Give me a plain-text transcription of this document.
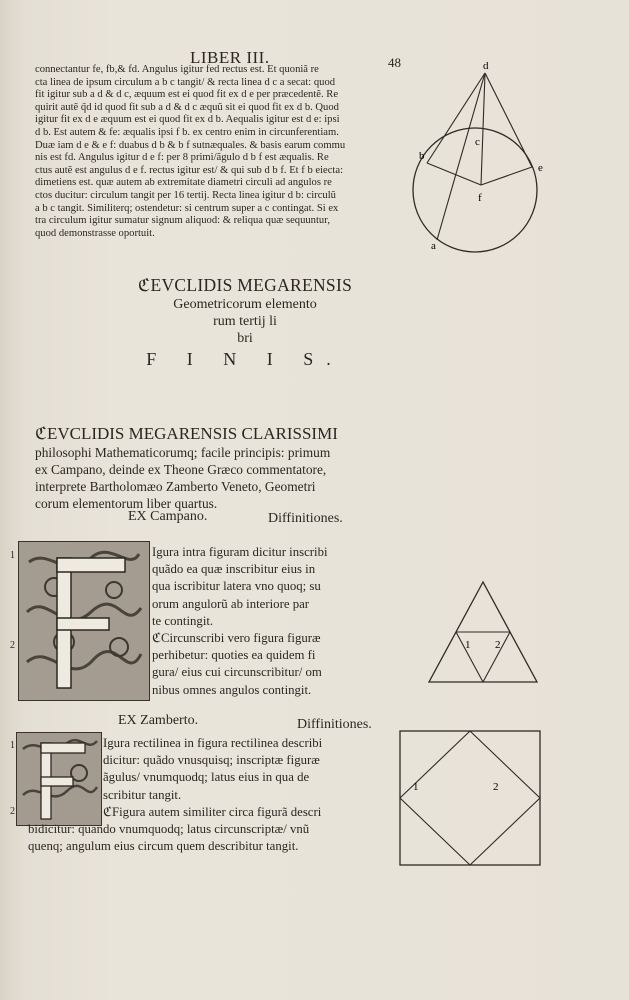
LIBER III.	48
connectantur fe, fb,& fd. Angulus igitur fed rectus est. Et quoniã re
cta linea de ipsum circulum a b c tangit/ & recta linea d c a secat: quod
fit igitur sub a d & d c, æquum est ei quod fit ex d e per præcedentẽ. Re
quirit autẽ q̃d id quod fit sub a d & d c æquũ sit ei quod fit ex d b. Quod
igitur fit ex d e æquum est ei quod fit ex d b. Aequalis igitur est d e: ipsi
d b. Est autem & fe: æqualis ipsi f b. ex centro enim in circunferentiam.
Duæ iam d e & e f: duabus d b & b f sutnæquales. & basis earum commu
nis est fd. Angulus igitur d e f: per 8 primi/ãgulo d b f est æqualis. Re
ctus autẽ est angulus d e f. rectus igitur est/ & qui sub d b f. Et f b eiecta:
dimetiens est. quæ autem ab extremitate diametri circuli ad angulos re
ctos ducitur: circulum tangit per 16 tertij. Recta linea igitur d b: circulũ
a b c tangit. Similiterq; ostendetur: si centrum super a c contingat. Si ex
tra circulum igitur sumatur signum aliquod: & reliqua quæ sequuntur,
quod demonstrasse oportuit.
d
b
c
e
f
a
ℭEVCLIDIS MEGARENSIS
Geometricorum elemento
rum tertij li
bri
F I N I S.
ℭEVCLIDIS MEGARENSIS CLARISSIMI
philosophi Mathematicorumq; facile principis: primum
ex Campano, deinde ex Theone Græco commentatore,
interprete Bartholomæo Zamberto Veneto, Geometri
corum elementorum liber quartus.
EX Campano.	Diffinitiones.
1
2
F
Igura intra figuram dicitur inscribi
quãdo ea quæ inscribitur eius in
qua iscribitur latera vno quoq; su
orum angulorũ ab interiore par
te contingit.
ℭCircunscribi vero figura figuræ
perhibetur: quoties ea quidem fi
gura/ eius cui circunscribitur/ om
nibus omnes angulos contingit.
1 2
EX Zamberto.	Diffinitiones.
1
2
F
Igura rectilinea in figura rectilinea describi
dicitur: quãdo vnusquisq; inscriptæ figuræ
ãgulus/ vnumquodq; latus eius in qua de
scribitur tangit.
ℭFigura autem similiter circa figurã descri
bidicitur: quando vnumquodq; latus circunscriptæ/ vnũ
quenq; angulum eius circum quem describitur tangit.
1	2
